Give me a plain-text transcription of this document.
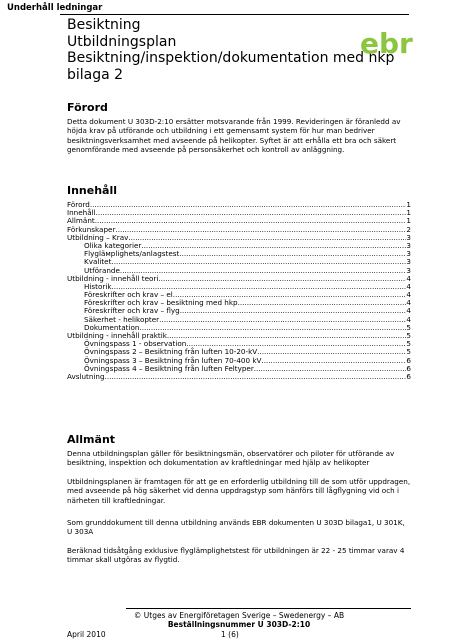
Underhåll ledningar
Besiktning
Utbildningsplan
Besiktning/inspektion/dokumentation med hkp
bilaga 2
ebr
Förord
Detta dokument U 303D-2:10 ersätter motsvarande från 1999. Revideringen är föranledd av höjda krav på utförande och utbildning i ett gemensamt system för hur man bedriver besiktningsverksamhet med avseende på helikopter. Syftet är att erhålla ett bra och säkert genomförande med avseende på personsäkerhet och kontroll av anläggning.
Innehåll
Förord .....	1
Innehåll .....	1
Allmänt .....	1
Förkunskaper .....	2
Utbildning – Krav .....	3
Olika kategorier .....	3
Flygläмplighets/anlagstest .....	3
Kvalitet .....	3
Utförande .....	3
Utbildning - innehåll teori .....	4
Historik .....	4
Föreskrifter och krav – el .....	4
Föreskrifter och krav – besiktning med hkp .....	4
Föreskrifter och krav – flyg .....	4
Säkerhet - helikopter .....	4
Dokumentation .....	5
Utbildning - innehåll praktik .....	5
Övningspass 1 - observation .....	5
Övningspass 2 – Besiktning från luften 10-20-kV .....	5
Övningspass 3 – Besiktning från luften 70-400 kV .....	6
Övningspass 4 – Besiktning från luften Feltyper .....	6
Avslutning .....	6
Allmänt
Denna utbildningsplan gäller för besiktningsmän, observatörer och piloter för utförande av besiktning, inspektion och dokumentation av kraftledningar med hjälp av helikopter
Utbildningsplanen är framtagen för att ge en erforderlig utbildning till de som utför uppdragen, med avseende på hög säkerhet vid denna uppdragstyp som hänförs till lågflygning vid och i närheten till kraftledningar.
Som grunddokument till denna utbildning används EBR dokumenten U 303D bilaga1, U 301K, U 303A
Beräknad tidsåtgång exklusive flyglämplighetstest för utbildningen är 22 - 25 timmar varav 4 timmar skall utgöras av flygtid.
© Utges av Energiföretagen Sverige – Swedenergy – AB
Beställningsnummer U 303D-2:10
April 2010	1 (6)
